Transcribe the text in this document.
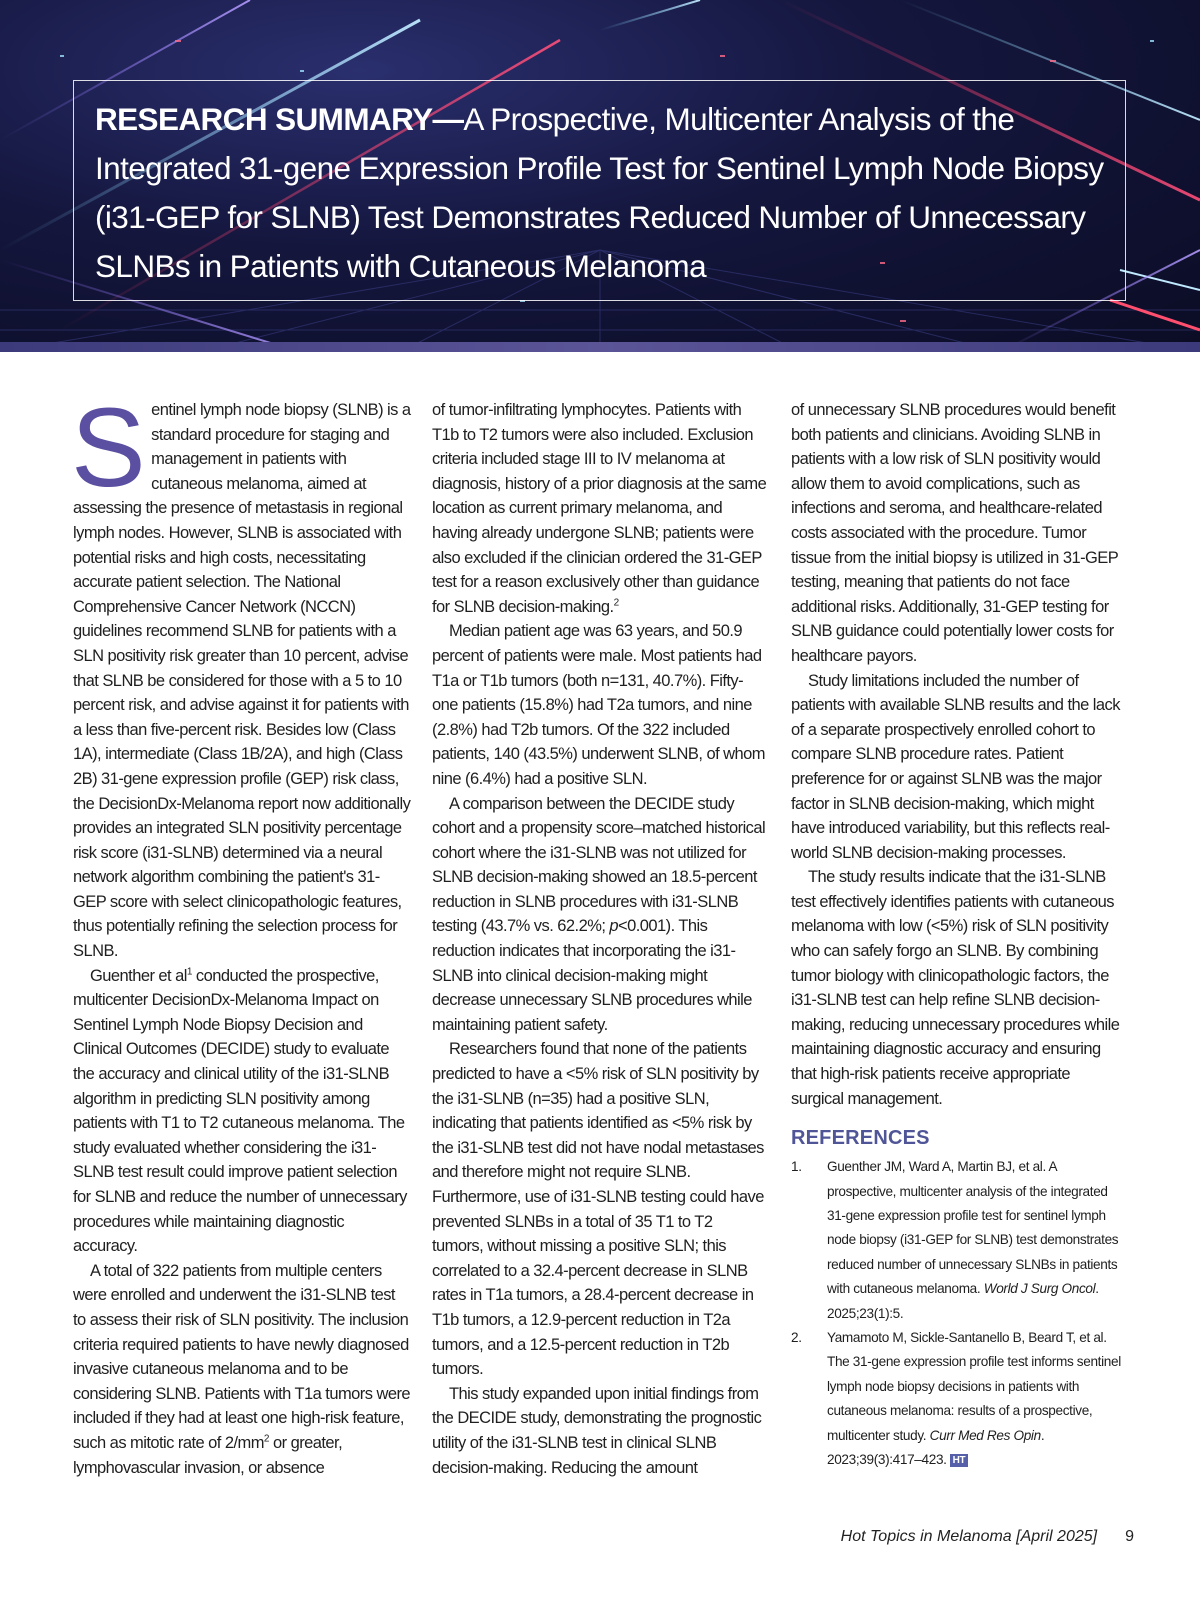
RESEARCH SUMMARY—A Prospective, Multicenter Analysis of the Integrated 31-gene Expression Profile Test for Sentinel Lymph Node Biopsy (i31-GEP for SLNB) Test Demonstrates Reduced Number of Unnecessary SLNBs in Patients with Cutaneous Melanoma

Sentinel lymph node biopsy (SLNB) is a standard procedure for staging and management in patients with cutaneous melanoma, aimed at assessing the presence of metastasis in regional lymph nodes. However, SLNB is associated with potential risks and high costs, necessitating accurate patient selection. The National Comprehensive Cancer Network (NCCN) guidelines recommend SLNB for patients with a SLN positivity risk greater than 10 percent, advise that SLNB be considered for those with a 5 to 10 percent risk, and advise against it for patients with a less than five-percent risk. Besides low (Class 1A), intermediate (Class 1B/2A), and high (Class 2B) 31-gene expression profile (GEP) risk class, the DecisionDx-Melanoma report now additionally provides an integrated SLN positivity percentage risk score (i31-SLNB) determined via a neural network algorithm combining the patient's 31-GEP score with select clinicopathologic features, thus potentially refining the selection process for SLNB.

Guenther et $al^1$ conducted the prospective, multicenter DecisionDx-Melanoma Impact on Sentinel Lymph Node Biopsy Decision and Clinical Outcomes (DECIDE) study to evaluate the accuracy and clinical utility of the i31-SLNB algorithm in predicting SLN positivity among patients with T1 to T2 cutaneous melanoma. The study evaluated whether considering the i31-SLNB test result could improve patient selection for SLNB and reduce the number of unnecessary procedures while maintaining diagnostic accuracy.

A total of 322 patients from multiple centers were enrolled and underwent the i31-SLNB test to assess their risk of SLN positivity. The inclusion criteria required patients to have newly diagnosed invasive cutaneous melanoma and to be considering SLNB. Patients with T1a tumors were included if they had at least one high-risk feature, such as mitotic rate of $2/mm^2$ or greater, lymphovascular invasion, or absence

of tumor-infiltrating lymphocytes. Patients with T1b to T2 tumors were also included. Exclusion criteria included stage III to IV melanoma at diagnosis, history of a prior diagnosis at the same location as current primary melanoma, and having already undergone SLNB; patients were also excluded if the clinician ordered the 31-GEP test for a reason exclusively other than guidance for SLNB decision-making.$^2$

Median patient age was 63 years, and 50.9 percent of patients were male. Most patients had T1a or T1b tumors (both n=131, 40.7%). Fifty-one patients (15.8%) had T2a tumors, and nine (2.8%) had T2b tumors. Of the 322 included patients, 140 (43.5%) underwent SLNB, of whom nine (6.4%) had a positive SLN.

A comparison between the DECIDE study cohort and a propensity score–matched historical cohort where the i31-SLNB was not utilized for SLNB decision-making showed an 18.5-percent reduction in SLNB procedures with i31-SLNB testing (43.7% vs. 62.2%; p<0.001). This reduction indicates that incorporating the i31-SLNB into clinical decision-making might decrease unnecessary SLNB procedures while maintaining patient safety.

Researchers found that none of the patients predicted to have a <5% risk of SLN positivity by the i31-SLNB (n=35) had a positive SLN, indicating that patients identified as <5% risk by the i31-SLNB test did not have nodal metastases and therefore might not require SLNB. Furthermore, use of i31-SLNB testing could have prevented SLNBs in a total of 35 T1 to T2 tumors, without missing a positive SLN; this correlated to a 32.4-percent decrease in SLNB rates in T1a tumors, a 28.4-percent decrease in T1b tumors, a 12.9-percent reduction in T2a tumors, and a 12.5-percent reduction in T2b tumors.

This study expanded upon initial findings from the DECIDE study, demonstrating the prognostic utility of the i31-SLNB test in clinical SLNB decision-making. Reducing the amount

of unnecessary SLNB procedures would benefit both patients and clinicians. Avoiding SLNB in patients with a low risk of SLN positivity would allow them to avoid complications, such as infections and seroma, and healthcare-related costs associated with the procedure. Tumor tissue from the initial biopsy is utilized in 31-GEP testing, meaning that patients do not face additional risks. Additionally, 31-GEP testing for SLNB guidance could potentially lower costs for healthcare payors.

Study limitations included the number of patients with available SLNB results and the lack of a separate prospectively enrolled cohort to compare SLNB procedure rates. Patient preference for or against SLNB was the major factor in SLNB decision-making, which might have introduced variability, but this reflects real-world SLNB decision-making processes.

The study results indicate that the i31-SLNB test effectively identifies patients with cutaneous melanoma with low (<5%) risk of SLN positivity who can safely forgo an SLNB. By combining tumor biology with clinicopathologic factors, the i31-SLNB test can help refine SLNB decision-making, reducing unnecessary procedures while maintaining diagnostic accuracy and ensuring that high-risk patients receive appropriate surgical management.

REFERENCES
1.	Guenther JM, Ward A, Martin BJ, et al. A prospective, multicenter analysis of the integrated 31-gene expression profile test for sentinel lymph node biopsy (i31-GEP for SLNB) test demonstrates reduced number of unnecessary SLNBs in patients with cutaneous melanoma. World J Surg Oncol. 2025;23(1):5.
2.	Yamamoto M, Sickle-Santanello B, Beard T, et al. The 31-gene expression profile test informs sentinel lymph node biopsy decisions in patients with cutaneous melanoma: results of a prospective, multicenter study. Curr Med Res Opin. 2023;39(3):417–423. HT
Hot Topics in Melanoma [April 2025] 9
